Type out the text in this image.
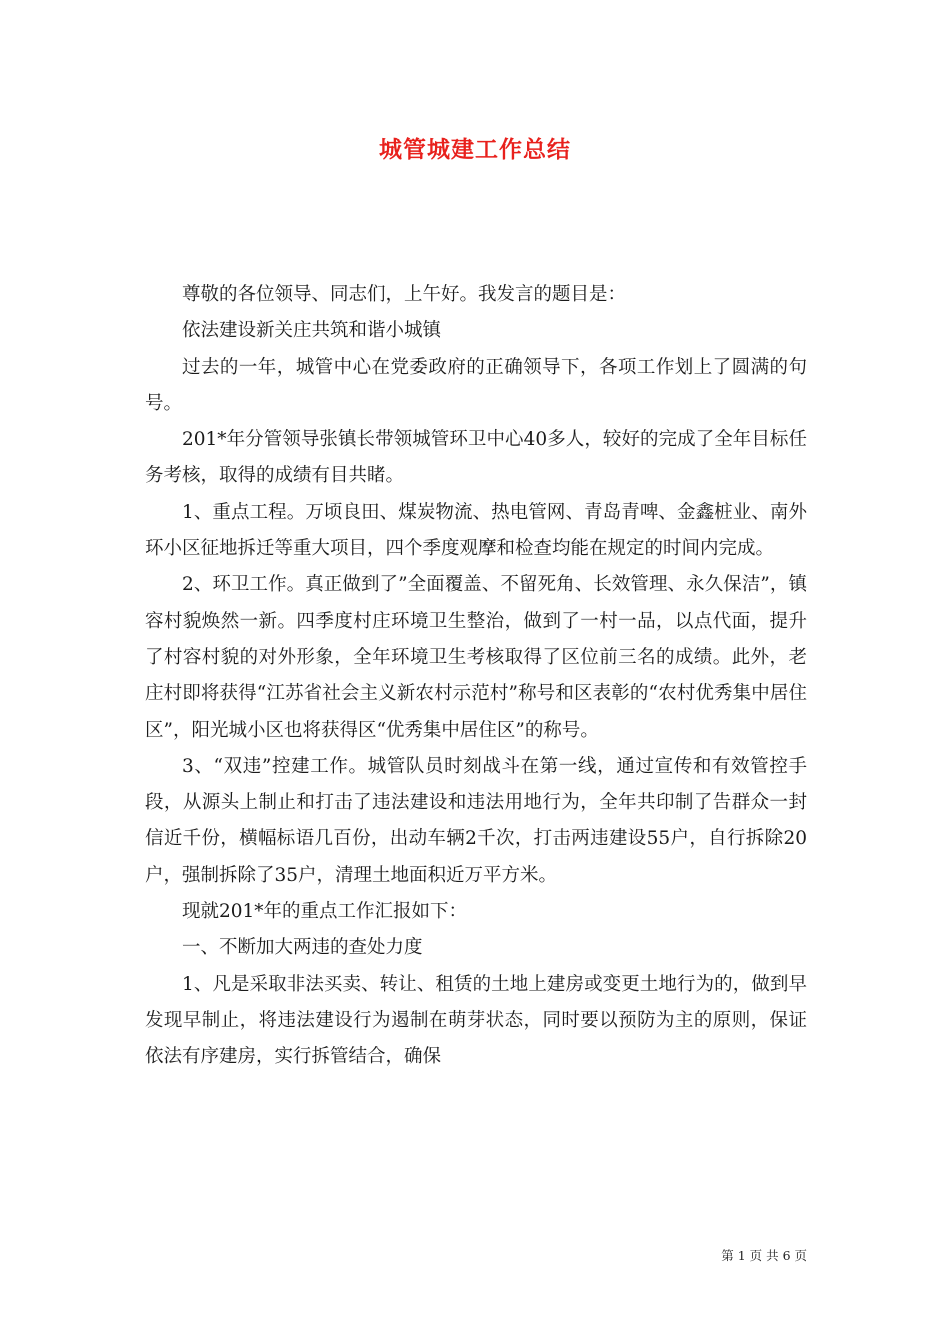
城管城建工作总结

尊敬的各位领导、同志们，上午好。我发言的题目是：

依法建设新关庄共筑和谐小城镇

过去的一年，城管中心在党委政府的正确领导下，各项工作划上了圆满的句号。

201*年分管领导张镇长带领城管环卫中心40多人，较好的完成了全年目标任务考核，取得的成绩有目共睹。

1、重点工程。万顷良田、煤炭物流、热电管网、青岛青啤、金鑫桩业、南外环小区征地拆迁等重大项目，四个季度观摩和检查均能在规定的时间内完成。

2、环卫工作。真正做到了”全面覆盖、不留死角、长效管理、永久保洁”，镇容村貌焕然一新。四季度村庄环境卫生整治，做到了一村一品，以点代面，提升了村容村貌的对外形象，全年环境卫生考核取得了区位前三名的成绩。此外，老庄村即将获得“江苏省社会主义新农村示范村”称号和区表彰的“农村优秀集中居住区”，阳光城小区也将获得区“优秀集中居住区”的称号。

3、“双违”控建工作。城管队员时刻战斗在第一线，通过宣传和有效管控手段，从源头上制止和打击了违法建设和违法用地行为，全年共印制了告群众一封信近千份，横幅标语几百份，出动车辆2千次，打击两违建设55户，自行拆除20户，强制拆除了35户，清理土地面积近万平方米。

现就201*年的重点工作汇报如下：

一、不断加大两违的查处力度

1、凡是采取非法买卖、转让、租赁的土地上建房或变更土地行为的，做到早发现早制止，将违法建设行为遏制在萌芽状态，同时要以预防为主的原则，保证依法有序建房，实行拆管结合，确保

第 1 页 共 6 页
